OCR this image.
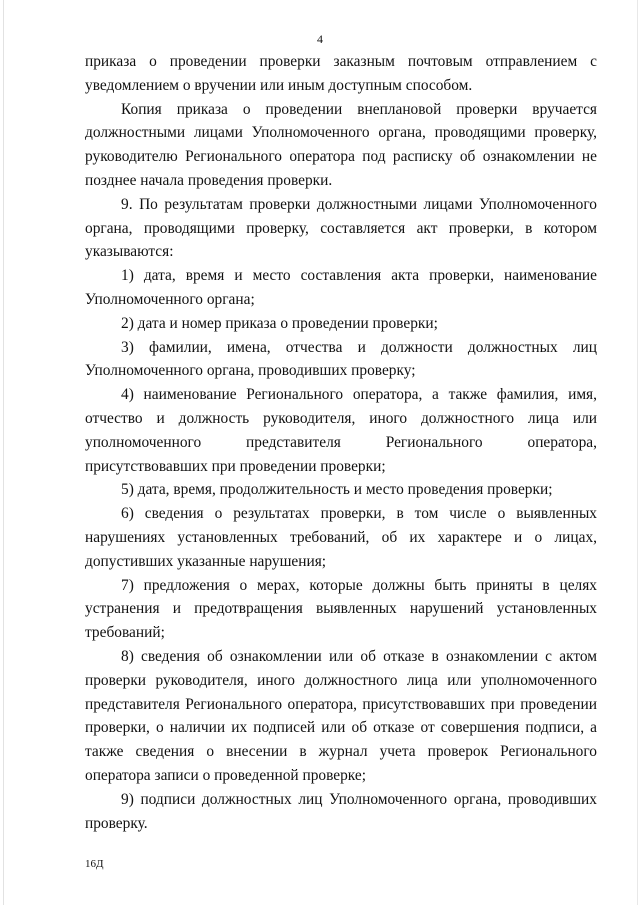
4

приказа о проведении проверки заказным почтовым отправлением с уведомлением о вручении или иным доступным способом.

Копия приказа о проведении внеплановой проверки вручается должностными лицами Уполномоченного органа, проводящими проверку, руководителю Регионального оператора под расписку об ознакомлении не позднее начала проведения проверки.

9. По результатам проверки должностными лицами Уполномоченного органа, проводящими проверку, составляется акт проверки, в котором указываются:

1) дата, время и место составления акта проверки, наименование Уполномоченного органа;

2) дата и номер приказа о проведении проверки;

3) фамилии, имена, отчества и должности должностных лиц Уполномоченного органа, проводивших проверку;

4) наименование Регионального оператора, а также фамилия, имя, отчество и должность руководителя, иного должностного лица или уполномоченного представителя Регионального оператора, присутствовавших при проведении проверки;

5) дата, время, продолжительность и место проведения проверки;

6) сведения о результатах проверки, в том числе о выявленных нарушениях установленных требований, об их характере и о лицах, допустивших указанные нарушения;

7) предложения о мерах, которые должны быть приняты в целях устранения и предотвращения выявленных нарушений установленных требований;

8) сведения об ознакомлении или об отказе в ознакомлении с актом проверки руководителя, иного должностного лица или уполномоченного представителя Регионального оператора, присутствовавших при проведении проверки, о наличии их подписей или об отказе от совершения подписи, а также сведения о внесении в журнал учета проверок Регионального оператора записи о проведенной проверке;

9) подписи должностных лиц Уполномоченного органа, проводивших проверку.

16Д
